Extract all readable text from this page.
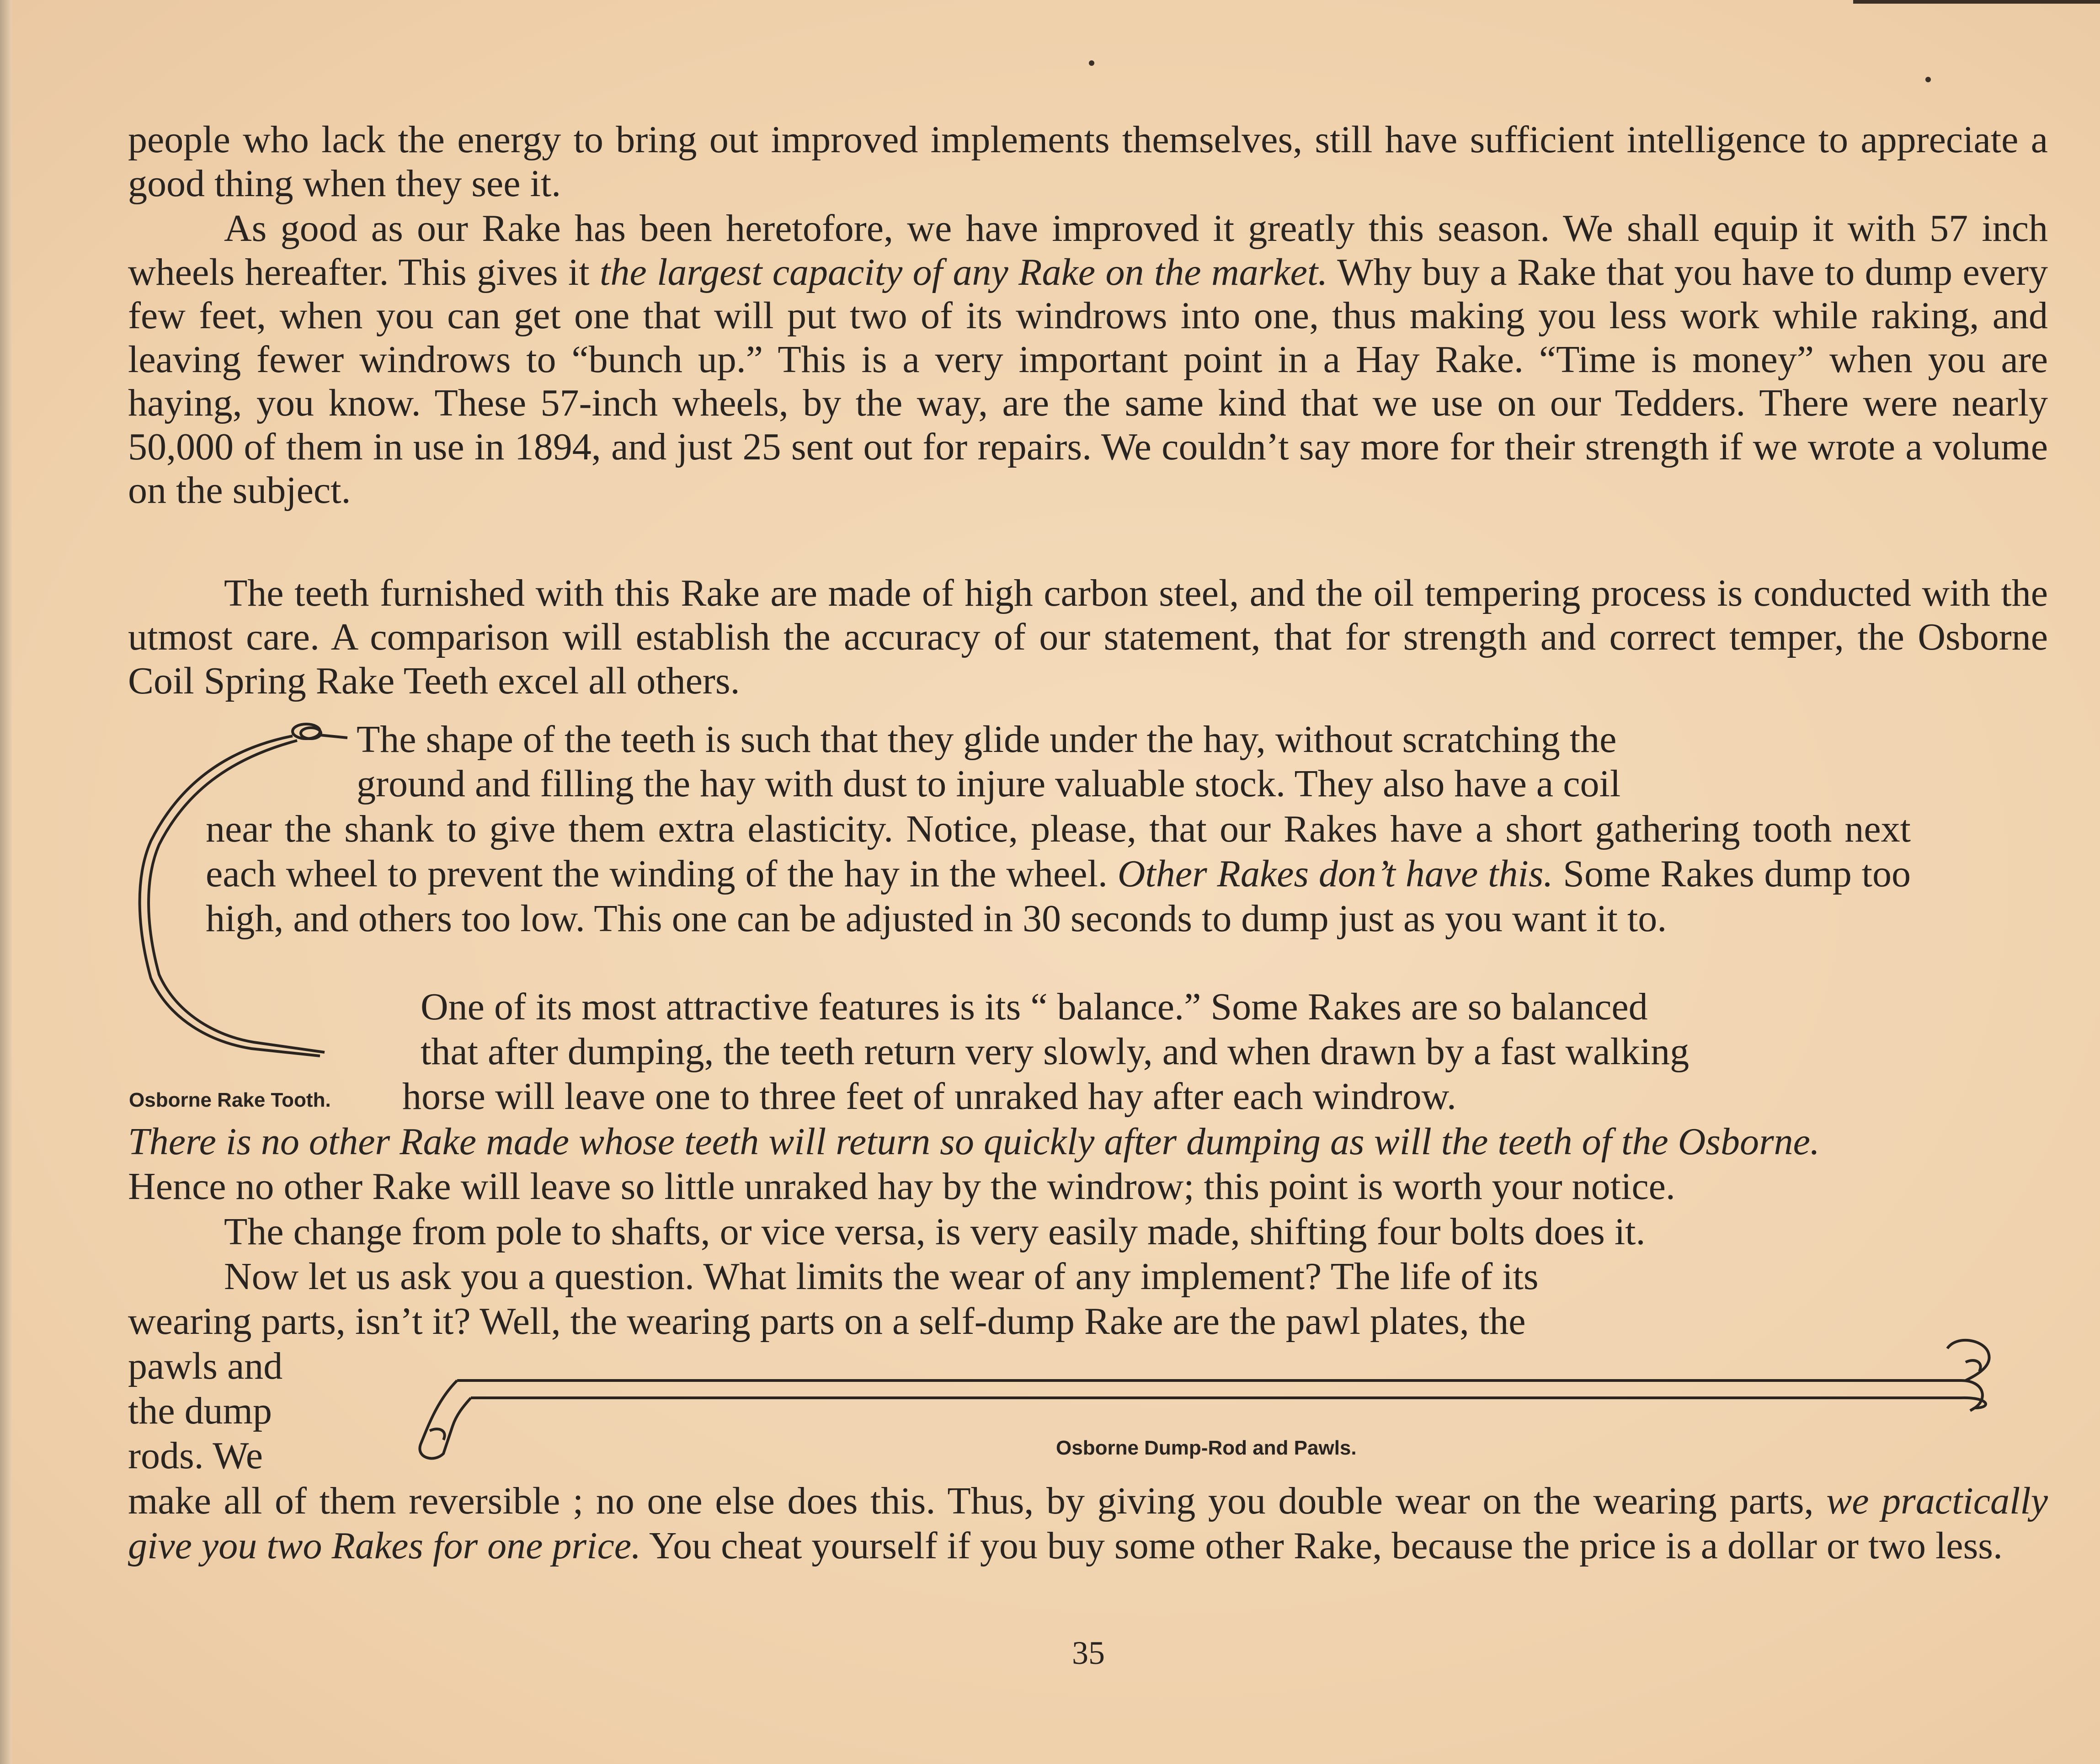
people who lack the energy to bring out improved implements themselves, still have sufficient intelligence to appreciate a good thing when they see it.
As good as our Rake has been heretofore, we have improved it greatly this season. We shall equip it with 57 inch wheels hereafter. This gives it the largest capacity of any Rake on the market. Why buy a Rake that you have to dump every few feet, when you can get one that will put two of its windrows into one, thus making you less work while raking, and leaving fewer windrows to “bunch up.” This is a very important point in a Hay Rake. “Time is money” when you are haying, you know. These 57-inch wheels, by the way, are the same kind that we use on our Tedders. There were nearly 50,000 of them in use in 1894, and just 25 sent out for repairs. We couldn’t say more for their strength if we wrote a volume on the subject.
The teeth furnished with this Rake are made of high carbon steel, and the oil tempering process is conducted with the utmost care. A comparison will establish the accuracy of our statement, that for strength and correct temper, the Osborne Coil Spring Rake Teeth excel all others.
The shape of the teeth is such that they glide under the hay, without scratching the
ground and filling the hay with dust to injure valuable stock. They also have a coil
near the shank to give them extra elasticity. Notice, please, that our Rakes have a short gathering tooth next each wheel to prevent the winding of the hay in the wheel. Other Rakes don’t have this. Some Rakes dump too high, and others too low. This one can be adjusted in 30 seconds to dump just as you want it to.
One of its most attractive features is its “ balance.” Some Rakes are so balanced
that after dumping, the teeth return very slowly, and when drawn by a fast walking
Osborne Rake Tooth. horse will leave one to three feet of unraked hay after each windrow.
There is no other Rake made whose teeth will return so quickly after dumping as will the teeth of the Osborne.
Hence no other Rake will leave so little unraked hay by the windrow; this point is worth your notice.
The change from pole to shafts, or vice versa, is very easily made, shifting four bolts does it.
Now let us ask you a question. What limits the wear of any implement? The life of its
wearing parts, isn’t it? Well, the wearing parts on a self-dump Rake are the pawl plates, the
pawls and
the dump
rods. We	Osborne Dump-Rod and Pawls.
make all of them reversible ; no one else does this. Thus, by giving you double wear on the wearing parts, we practically give you two Rakes for one price. You cheat yourself if you buy some other Rake, because the price is a dollar or two less.
35
